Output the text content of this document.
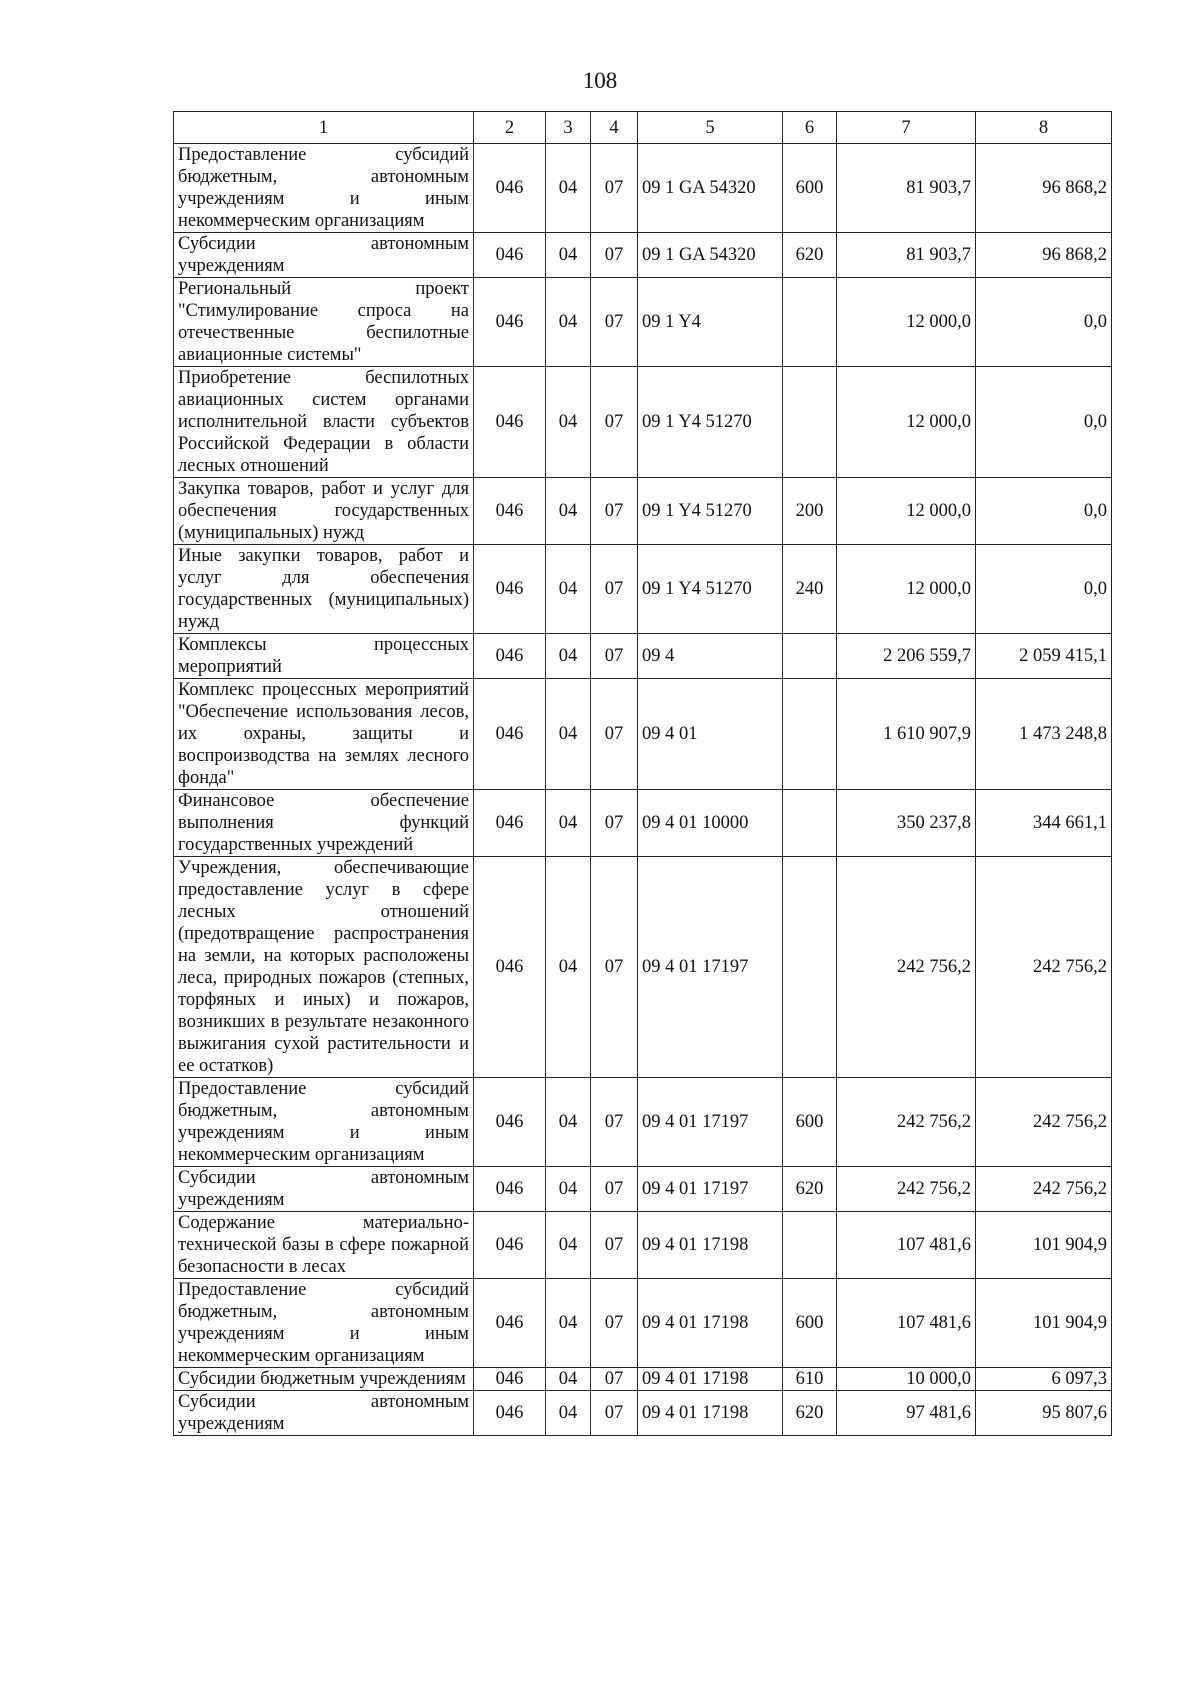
108
1	2	3	4	5	6	7	8
Предоставление субсидий бюджетным, автономным учреждениям и иным некоммерческим организациям	046	04	07	09 1 GA 54320	600	81 903,7	96 868,2
Субсидии автономным учреждениям	046	04	07	09 1 GA 54320	620	81 903,7	96 868,2
Региональный проект "Стимулирование спроса на отечественные беспилотные авиационные системы"	046	04	07	09 1 Y4		12 000,0	0,0
Приобретение беспилотных авиационных систем органами исполнительной власти субъектов Российской Федерации в области лесных отношений	046	04	07	09 1 Y4 51270		12 000,0	0,0
Закупка товаров, работ и услуг для обеспечения государственных (муниципальных) нужд	046	04	07	09 1 Y4 51270	200	12 000,0	0,0
Иные закупки товаров, работ и услуг для обеспечения государственных (муниципальных) нужд	046	04	07	09 1 Y4 51270	240	12 000,0	0,0
Комплексы процессных мероприятий	046	04	07	09 4		2 206 559,7	2 059 415,1
Комплекс процессных мероприятий "Обеспечение использования лесов, их охраны, защиты и воспроизводства на землях лесного фонда"	046	04	07	09 4 01		1 610 907,9	1 473 248,8
Финансовое обеспечение выполнения функций государственных учреждений	046	04	07	09 4 01 10000		350 237,8	344 661,1
Учреждения, обеспечивающие предоставление услуг в сфере лесных отношений (предотвращение распространения на земли, на которых расположены леса, природных пожаров (степных, торфяных и иных) и пожаров, возникших в результате незаконного выжигания сухой растительности и ее остатков)	046	04	07	09 4 01 17197		242 756,2	242 756,2
Предоставление субсидий бюджетным, автономным учреждениям и иным некоммерческим организациям	046	04	07	09 4 01 17197	600	242 756,2	242 756,2
Субсидии автономным учреждениям	046	04	07	09 4 01 17197	620	242 756,2	242 756,2
Содержание материально-технической базы в сфере пожарной безопасности в лесах	046	04	07	09 4 01 17198		107 481,6	101 904,9
Предоставление субсидий бюджетным, автономным учреждениям и иным некоммерческим организациям	046	04	07	09 4 01 17198	600	107 481,6	101 904,9
Субсидии бюджетным учреждениям	046	04	07	09 4 01 17198	610	10 000,0	6 097,3
Субсидии автономным учреждениям	046	04	07	09 4 01 17198	620	97 481,6	95 807,6
